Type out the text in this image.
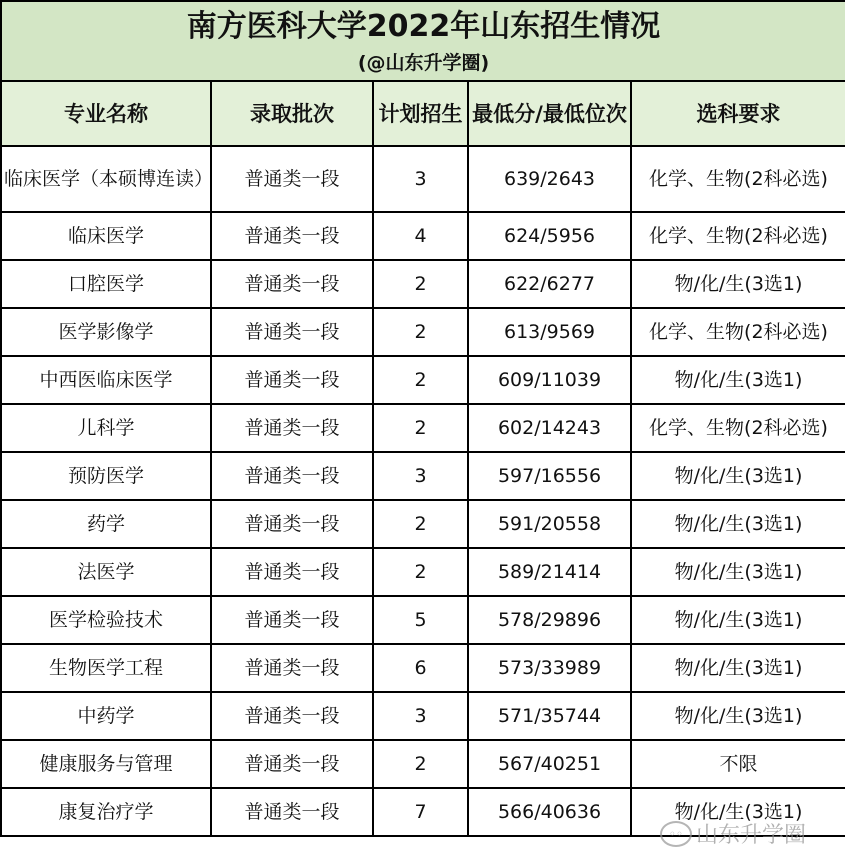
南方医科大学2022年山东招生情况
(@山东升学圈)				

专业名称	录取批次	计划招生	最低分/最低位次	选科要求
临床医学（本硕博连读）	普通类一段	3	639/2643	化学、生物(2科必选)
临床医学	普通类一段	4	624/5956	化学、生物(2科必选)
口腔医学	普通类一段	2	622/6277	物/化/生(3选1)
医学影像学	普通类一段	2	613/9569	化学、生物(2科必选)
中西医临床医学	普通类一段	2	609/11039	物/化/生(3选1)
儿科学	普通类一段	2	602/14243	化学、生物(2科必选)
预防医学	普通类一段	3	597/16556	物/化/生(3选1)
药学	普通类一段	2	591/20558	物/化/生(3选1)
法医学	普通类一段	2	589/21414	物/化/生(3选1)
医学检验技术	普通类一段	5	578/29896	物/化/生(3选1)
生物医学工程	普通类一段	6	573/33989	物/化/生(3选1)
中药学	普通类一段	3	571/35744	物/化/生(3选1)
健康服务与管理	普通类一段	2	567/40251	不限
康复治疗学	普通类一段	7	566/40636	物/化/生(3选1)
◦◦ 山东升学圈
